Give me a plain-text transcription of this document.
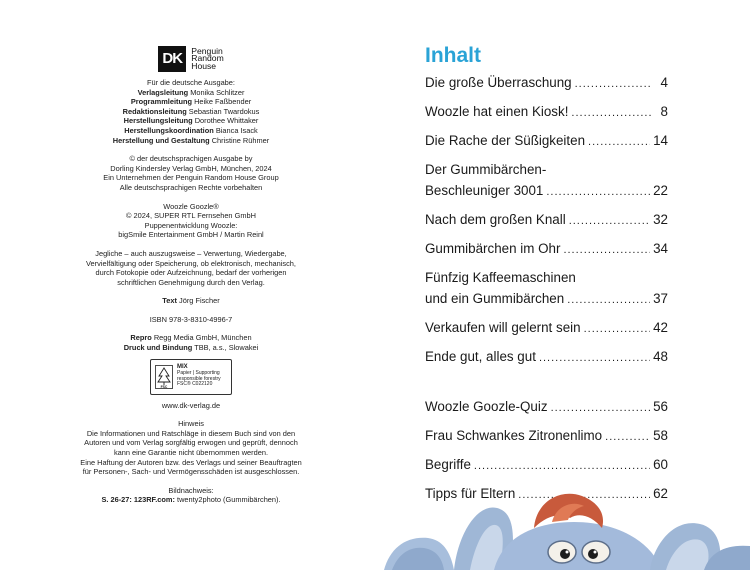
DK	Penguin
Random
House

Für die deutsche Ausgabe:

Verlagsleitung Monika Schlitzer

Programmleitung Heike Faßbender

Redaktionsleitung Sebastian Twardokus

Herstellungsleitung Dorothee Whittaker

Herstellungskoordination Bianca Isack

Herstellung und Gestaltung Christine Rühmer

© der deutschsprachigen Ausgabe by

Dorling Kindersley Verlag GmbH, München, 2024

Ein Unternehmen der Penguin Random House Group

Alle deutschsprachigen Rechte vorbehalten

Woozle Goozle®

© 2024, SUPER RTL Fernsehen GmbH

Puppenentwicklung Woozle:

bigSmile Entertainment GmbH / Martin Reinl

Jegliche – auch auszugsweise – Verwertung, Wiedergabe,

Vervielfältigung oder Speicherung, ob elektronisch, mechanisch,

durch Fotokopie oder Aufzeichnung, bedarf der vorherigen

schriftlichen Genehmigung durch den Verlag.

Text Jörg Fischer

ISBN 978-3-8310-4996-7

Repro Regg Media GmbH, München

Druck und Bindung TBB, a.s., Slowakei

FSC
MIX
Papier | Supporting
responsible forestry
FSC® C022120

www.dk-verlag.de

Hinweis

Die Informationen und Ratschläge in diesem Buch sind von den

Autoren und vom Verlag sorgfältig erwogen und geprüft, dennoch

kann eine Garantie nicht übernommen werden.

Eine Haftung der Autoren bzw. des Verlags und seiner Beauftragten

für Personen-, Sach- und Vermögensschäden ist ausgeschlossen.

Bildnachweis:

S. 26-27: 123RF.com: twenty2photo (Gummibärchen).

Inhalt
Die große Überraschung .....	4
Woozle hat einen Kiosk! .....	8
Die Rache der Süßigkeiten .....	14
Der Gummibärchen-
Beschleuniger 3001 .....	22
Nach dem großen Knall .....	32
Gummibärchen im Ohr .....	34
Fünfzig Kaffeemaschinen
und ein Gummibärchen .....	37
Verkaufen will gelernt sein .....	42
Ende gut, alles gut .....	48
Woozle Goozle-Quiz .....	56
Frau Schwankes Zitronenlimo .....	58
Begriffe .....	60
Tipps für Eltern .....	62
